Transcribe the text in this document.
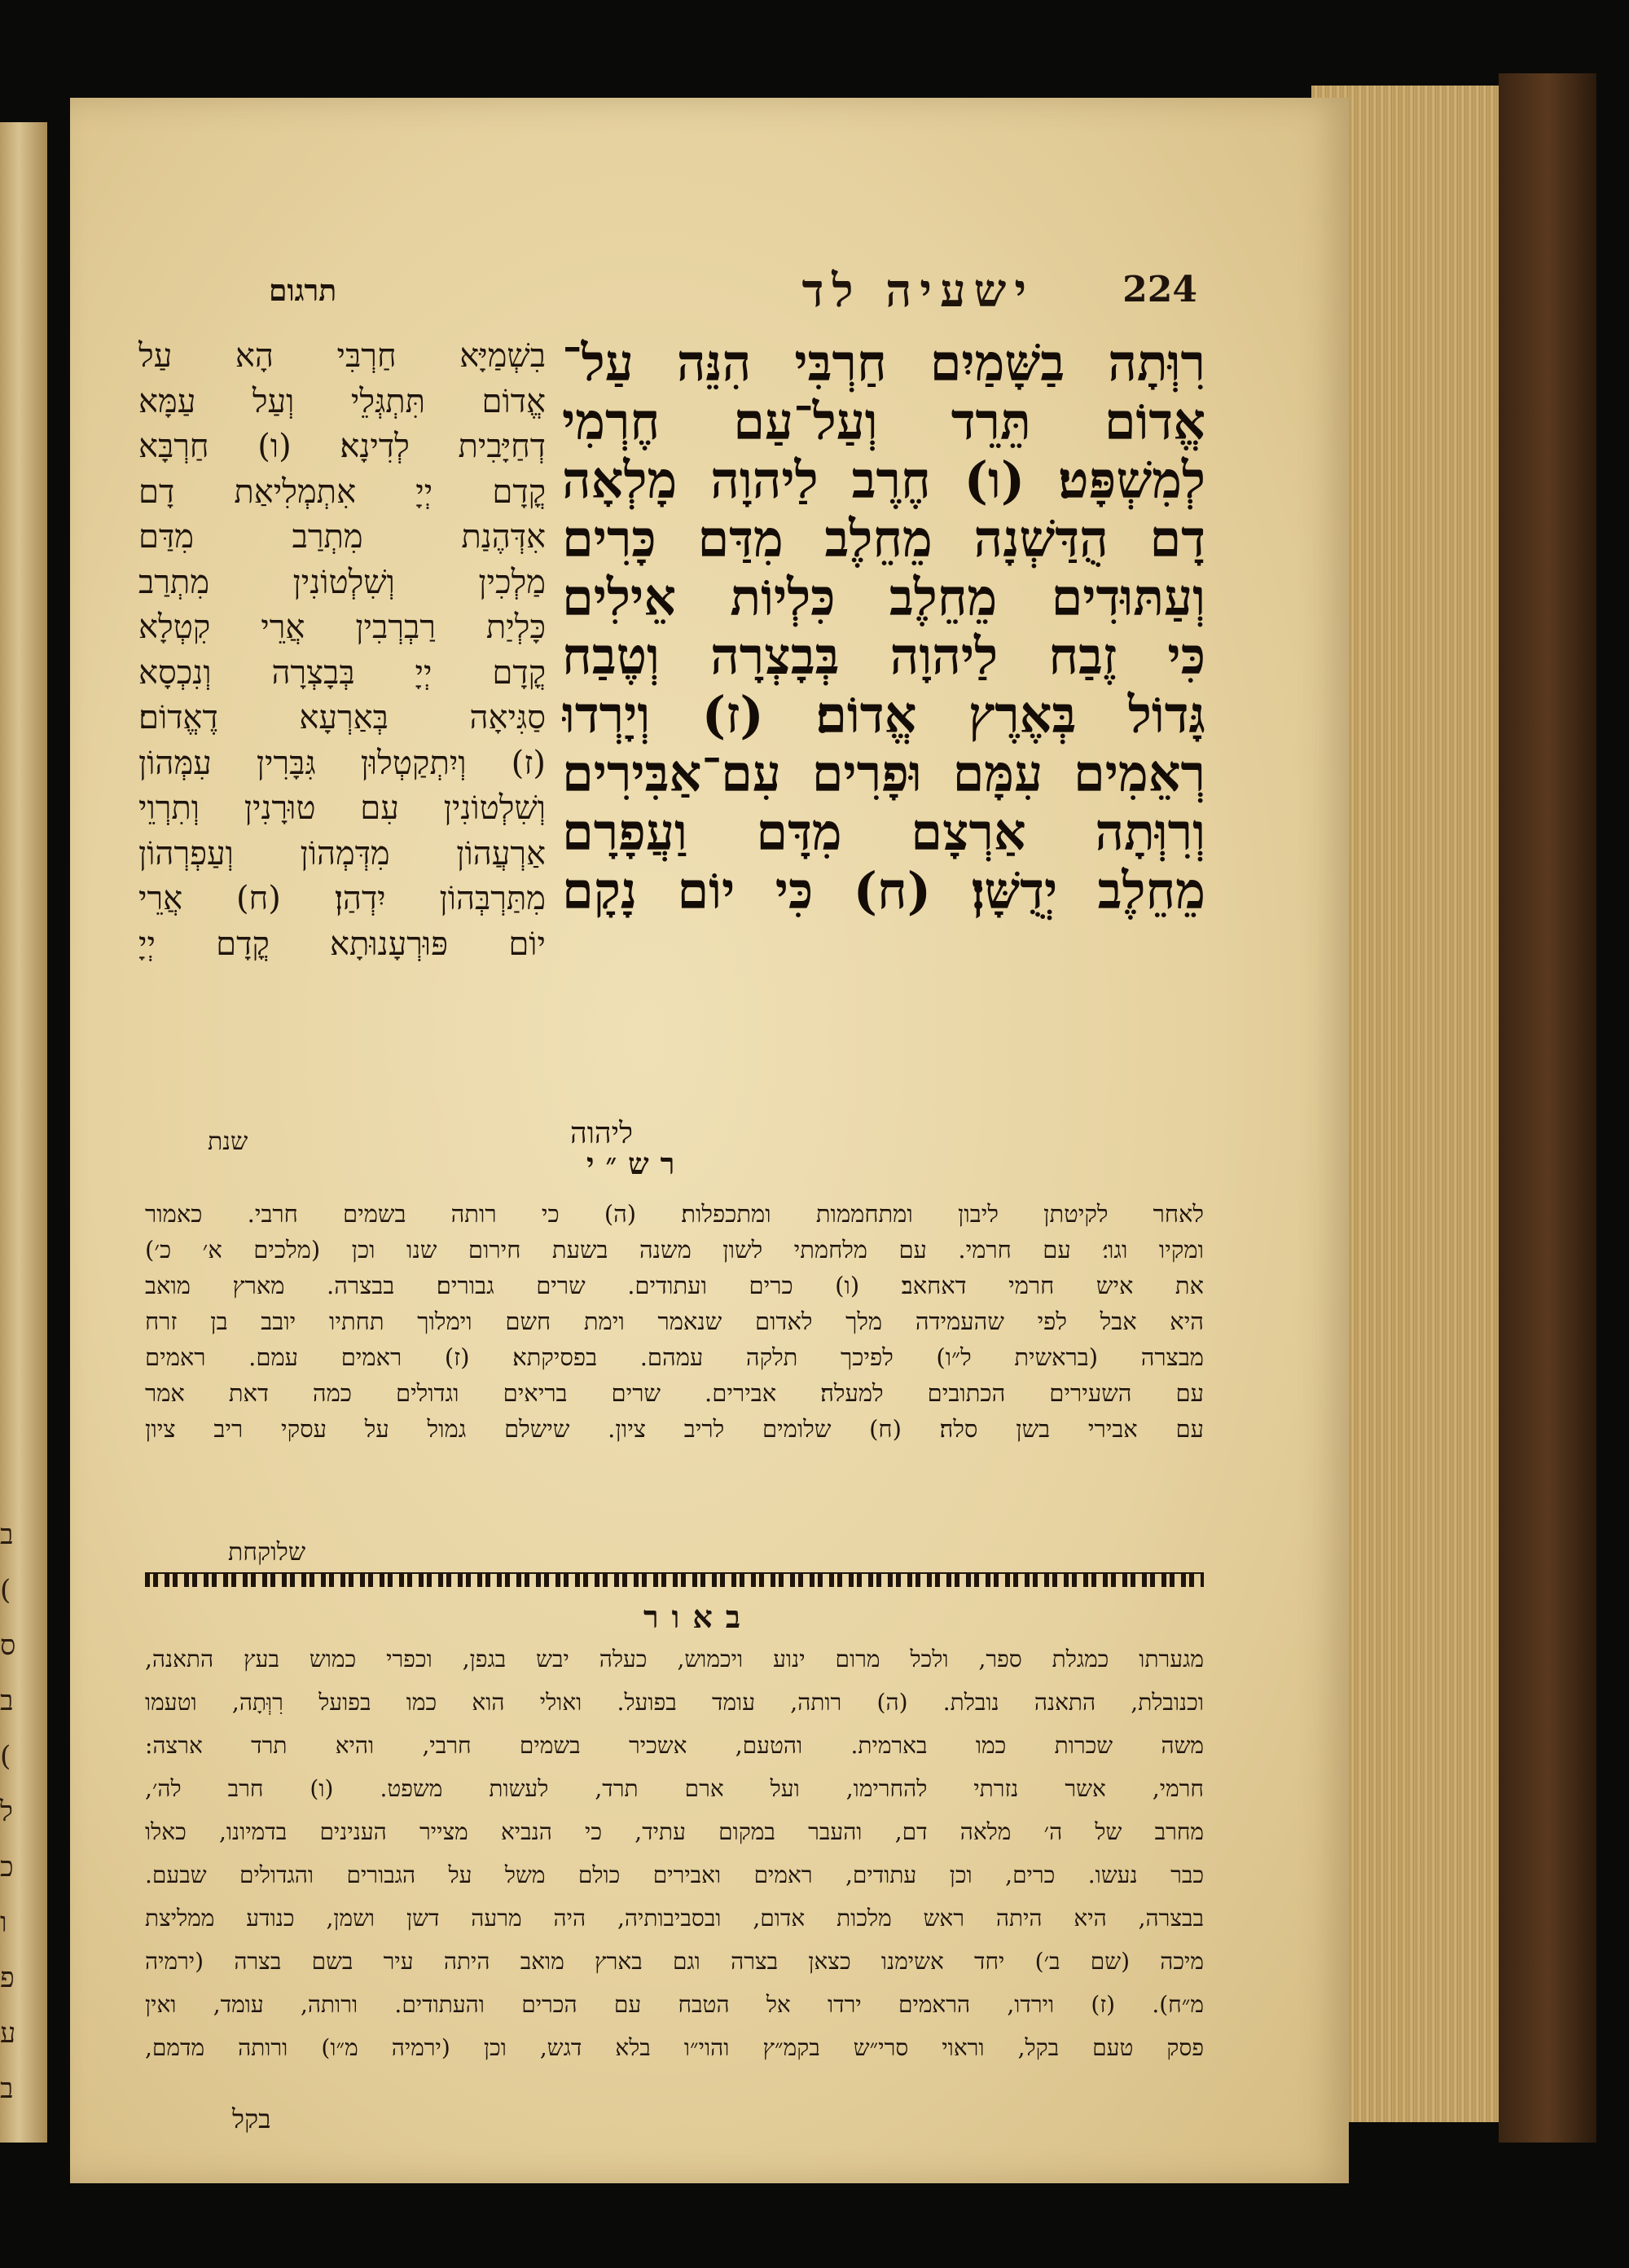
ב
(
ס
ב
(
ל
כ
ו
פ
ע
ב
224
ישעיה לד
תרגום
רִוְּתָה בַשָּׁמַיִם חַרְבִּי הִנֵּה עַל־
אֱדוֹם תֵּרֵד וְעַל־עַם חֶרְמִי
לְמִשְׁפָּט׃ (ו) חֶרֶב לַיהוָה מָלְאָה
דָם הֻדַּשְׁנָה מֵחֵלֶב מִדַּם כָּרִים
וְעַתּוּדִים מֵחֵלֶב כִּלְיוֹת אֵילִים
כִּי זֶבַח לַיהוָה בְּבָצְרָה וְטֶבַח
גָּדוֹל בְּאֶרֶץ אֱדוֹם׃ (ז) וְיָרְדוּ
רְאֵמִים עִמָּם וּפָרִים עִם־אַבִּירִים
וְרִוְּתָה אַרְצָם מִדָּם וַעֲפָרָם
מֵחֵלֶב יְדֻשָּׁן׃ (ח) כִּי יוֹם נָקָם
ליהוה
בִשְׁמַיָּא חַרְבִּי הָא עַל
אֱדוֹם תִּתְגְּלֵי וְעַל עַמָּא
דְחַיָּבִית לְדִינָא׃ (ו) חַרְבָּא
קֳדָם יְיָ אִתְמְלִיאַת דָם
אִדְּהֶנַת מִתְרַב מִדַּם
מַלְכִין וְשִׁלְטוֹנִין מִתְרַב
כָּלְיַת רַבְרְבִין אֲרֵי קִטְלָא
קֳדָם יְיָ בְּבָצְרָה וְנִכְסָא
סַגִּיאָה בְּאַרְעָא דֶאֱדוֹם׃
(ז) וְיִתְקַטְלוּן גִּבָּרִין עִמְּהוֹן
וְשִׁלְטוֹנִין עִם טוּרָנִין וְתִרְוֵי
אַרְעֲהוֹן מִדְּמְהוֹן וְעַפְרְהוֹן
מִתַּרְבְּהוֹן יִדְהַן׃ (ח) אֲרֵי
יוֹם פּוּרְעָנוּתָא קֳדָם יְיָ
שנת
רש״י
לאחר לקיטתן ליבון ומתחממות ומתכפלות׃ (ה) כי רותה בשמים חרבי. כאמור
ומקיו וגו׳׃ עם חרמי. עם מלחמתי לשון משנה בשעת חירום שנו וכן (מלכים א׳ כ׳)
את איש חרמי דאחאב׃ (ו) כרים ועתודים. שרים גבורים׃ בבצרה. מארץ מואב
היא אבל לפי שהעמידה מלך לאדום שנאמר וימת חשם וימלוך תחתיו יובב בן זרח
מבצרה (בראשית ל״ו) לפיכך תלקה עמהם. בפסיקתא׃ (ז) ראמים עמם. ראמים
עם השעירים הכתובים למעלה׃ אבירים. שרים בריאים וגדולים כמה דאת אמר
עם אבירי בשן סלה׃ (ח) שלומים לריב ציון. שישלם גמול על עסקי ריב ציון
שלוקחת
באור
מגערתו כמגלת ספר, ולכל מרום ינוע ויכמוש, כעלה יבש בגפן, וכפרי כמוש בעץ התאנה,
וכנובלת, התאנה נובלת. (ה) רותה, עומד בפועל. ואולי הוא כמו בפועל רִוְּתָה, וטעמו
משה שכרות כמו בארמית. והטעם, אשכיר בשמים חרבי, והיא תרד ארצה:
חרמי, אשר נזרתי להחרימו, ועל ארם תרד, לעשות משפט. (ו) חרב לה׳,
מחרב של ה׳ מלאה דם, והעבר במקום עתיד, כי הנביא מצייר הענינים בדמיונו, כאלו
כבר נעשו. כרים, וכן עתודים, ראמים ואבירים כולם משל על הגבורים והגדולים שבעם.
בבצרה, היא היתה ראש מלכות אדום, ובסביבותיה, היה מרעה דשן ושמן, כנודע ממליצת
מיכה (שם ב׳) יחד אשימנו כצאן בצרה וגם בארץ מואב היתה עיר בשם בצרה (ירמיה
מ״ח). (ז) וירדו, הראמים ירדו אל הטבח עם הכרים והעתודים. ורותה, עומד, ואין
פסק טעם בקל, וראוי סרי״ש בקמ״ץ והוי״ו בלא דגש, וכן (ירמיה מ״ו) ורותה מדמם,
בקל
